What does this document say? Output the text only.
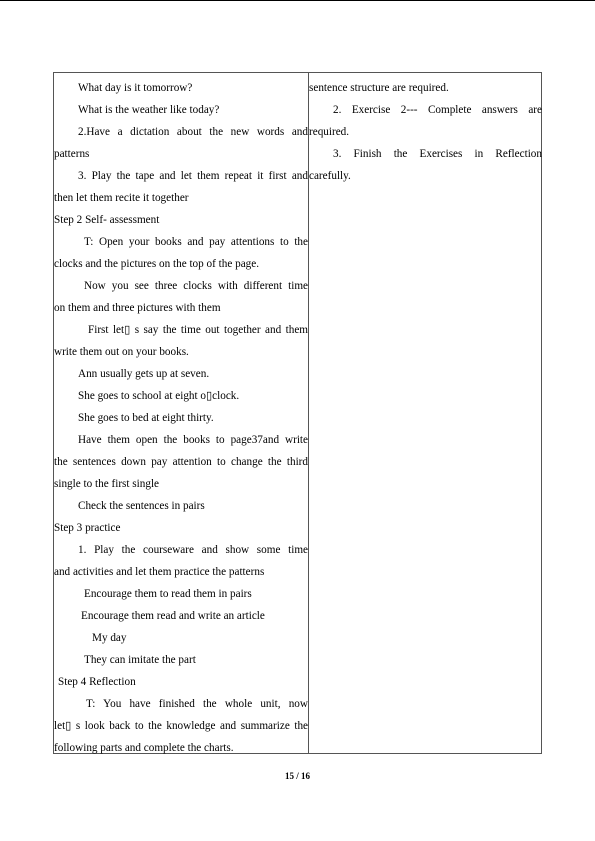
What day is it tomorrow?
What is the weather like today?
2.Have a dictation about the new words and
patterns
3. Play the tape and let them repeat it first and
then let them recite it together
Step 2 Self- assessment
T: Open your books and pay attentions to the
clocks and the pictures on the top of the page.
Now you see three clocks with different time
on them and three pictures with them
First let▯ s say the time out together and them
write them out on your books.
Ann usually gets up at seven.
She goes to school at eight o▯clock.
She goes to bed at eight thirty.
Have them open the books to page37and write
the sentences down pay attention to change the third
single to the first single
Check the sentences in pairs
Step 3 practice
1. Play the courseware and show some time
and activities and let them practice the patterns
Encourage them to read them in pairs
Encourage them read and write an article
My day
They can imitate the part
Step 4 Reflection
T: You have finished the whole unit, now
let▯ s look back to the knowledge and summarize the
following parts and complete the charts.
sentence structure are required.
2. Exercise 2--- Complete answers are
required.
3. Finish the Exercises in Reflection
carefully.
15 / 16
